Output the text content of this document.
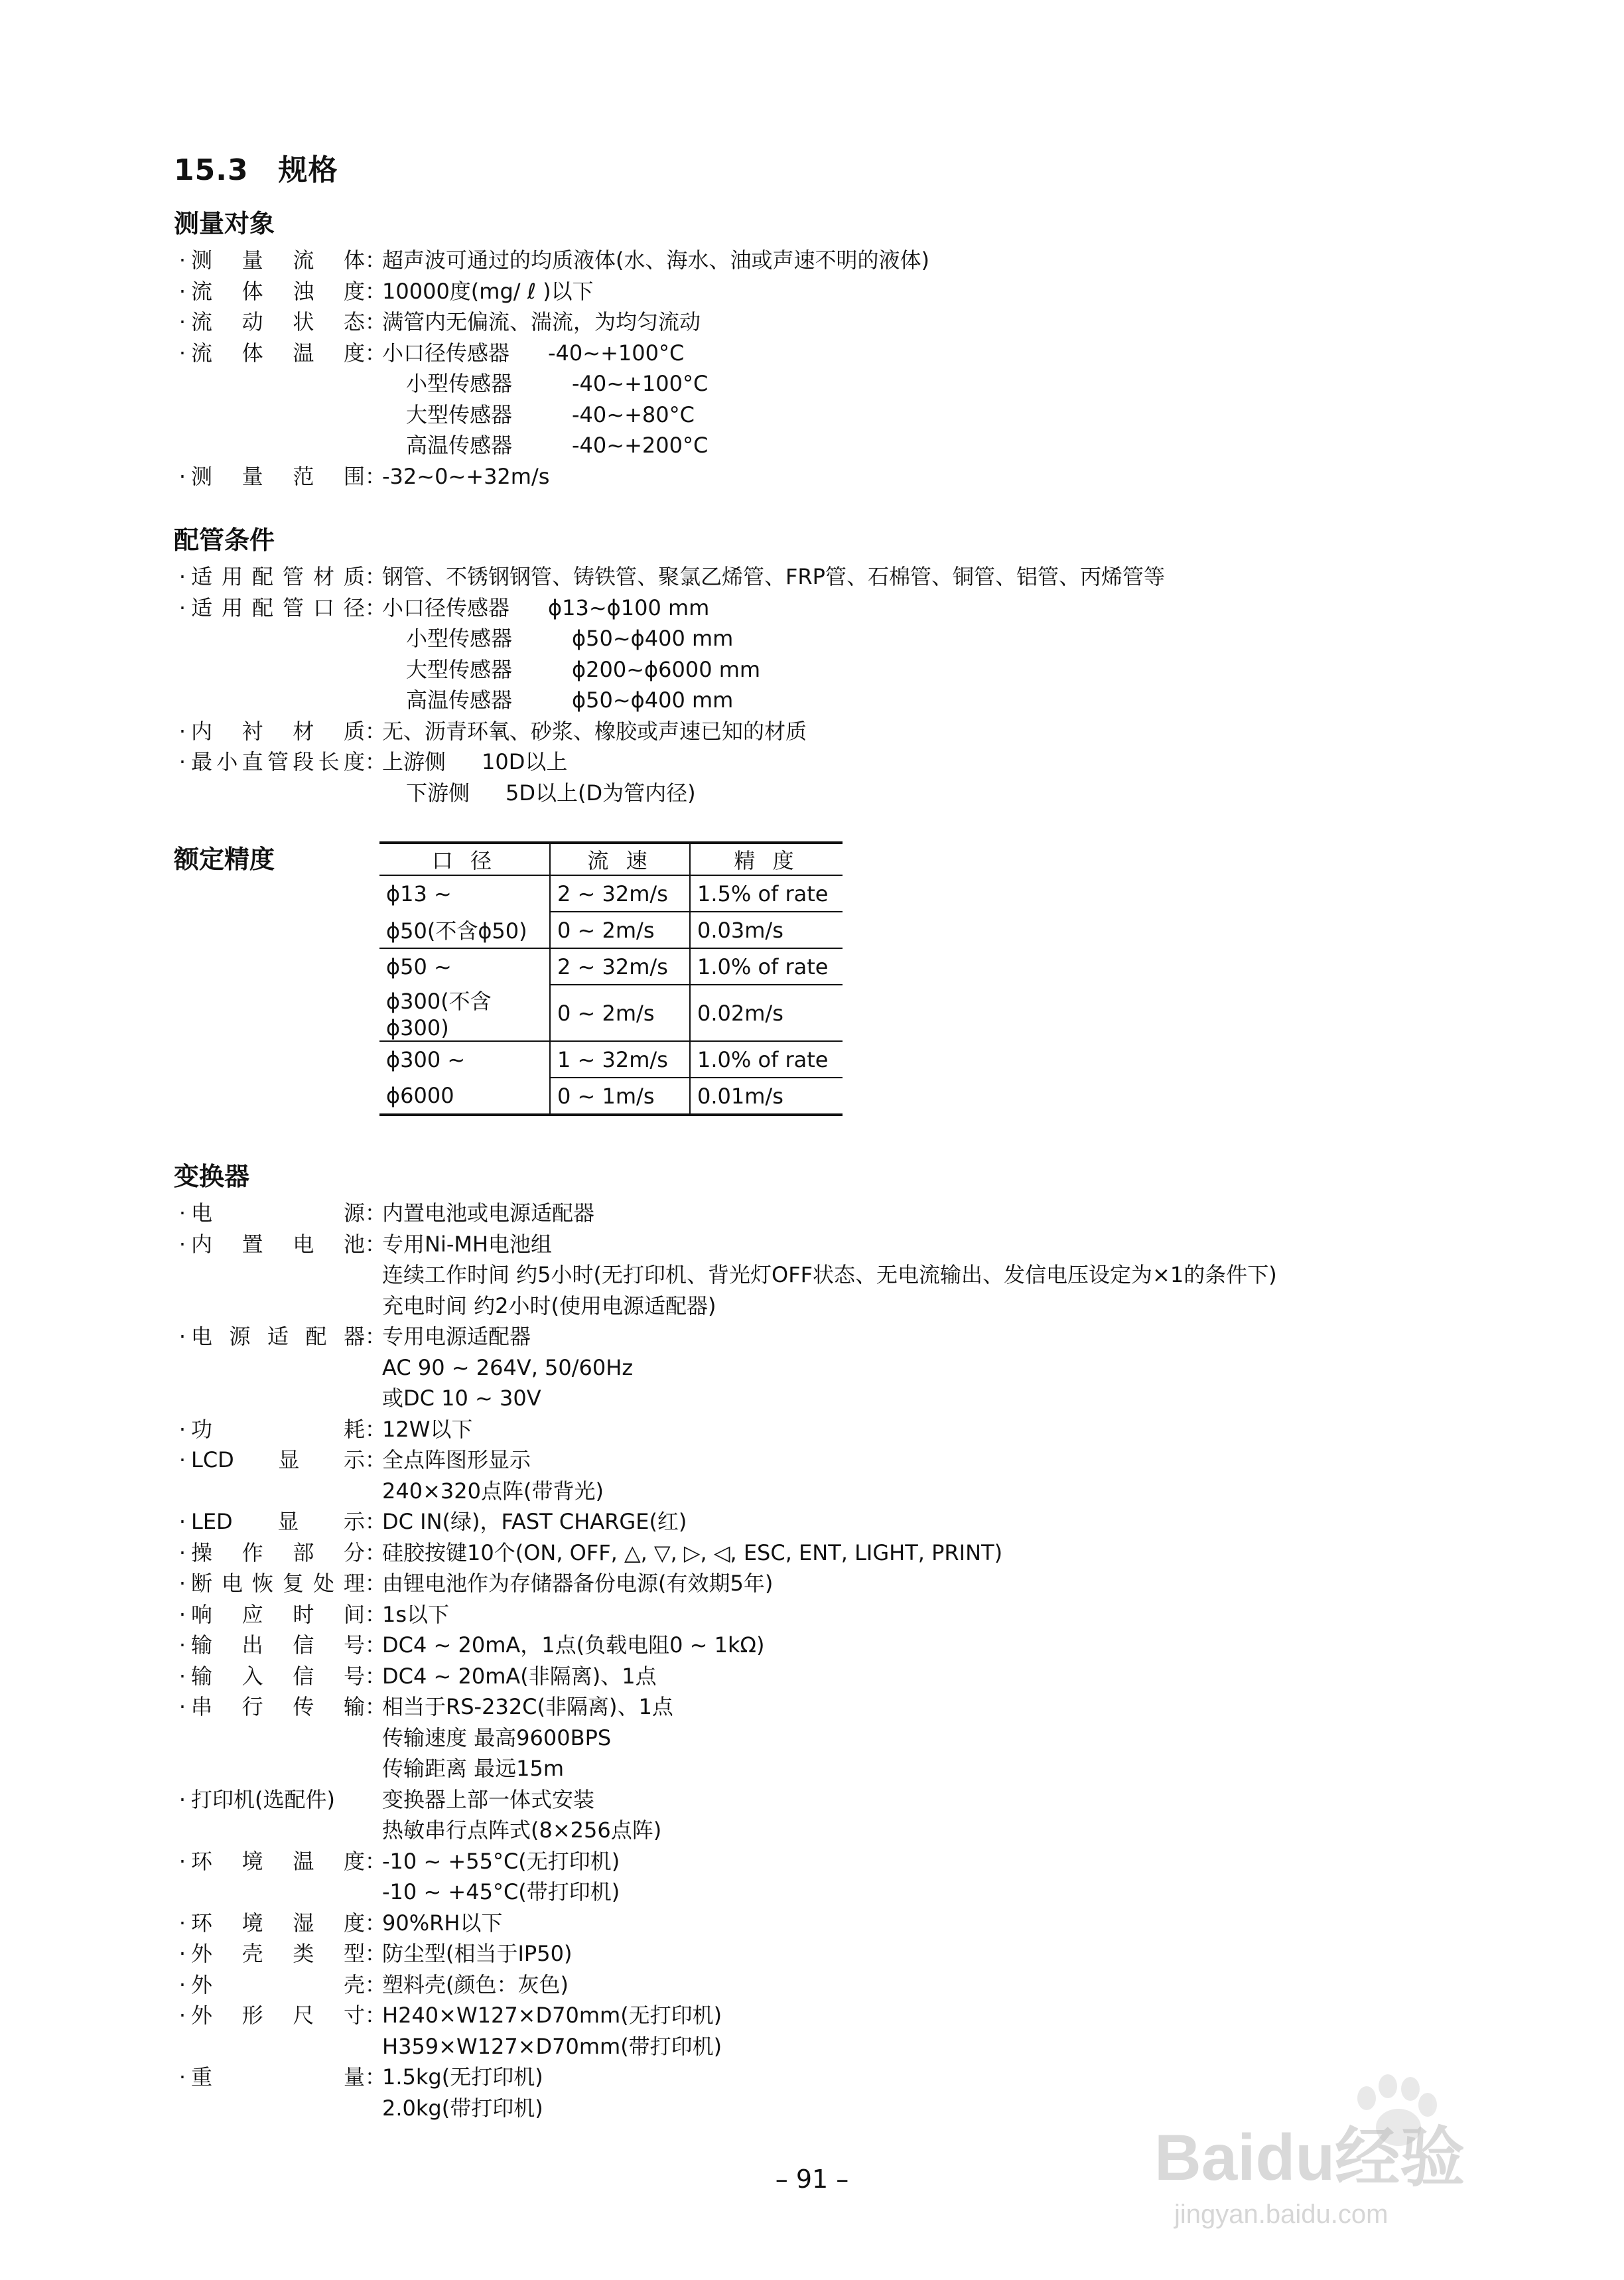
15.3　规格
测量对象
· 测 量 流 体 ：
超声波可通过的均质液体(水、海水、油或声速不明的液体)
· 流 体 浊 度 ：
10000度(mg/ ℓ )以下
· 流 动 状 态 ：
满管内无偏流、湍流，为均匀流动
· 流 体 温 度 ：
小口径传感器 -40~+100°C
小型传感器	-40~+100°C
大型传感器	-40~+80°C
高温传感器	-40~+200°C
· 测 量 范 围 ：
-32~0~+32m/s
配管条件
· 适 用 配 管 材 质 ：
钢管、不锈钢钢管、铸铁管、聚氯乙烯管、FRP管、石棉管、铜管、铝管、丙烯管等
· 适 用 配 管 口 径 ：
小口径传感器 ϕ13~ϕ100 mm
小型传感器	ϕ50~ϕ400 mm
大型传感器	ϕ200~ϕ6000 mm
高温传感器	ϕ50~ϕ400 mm
· 内 衬 材 质 ：
无、沥青环氧、砂浆、橡胶或声速已知的材质
· 最 小 直 管 段 长 度 ：
上游侧 10D以上
下游侧 5D以上(D为管内径)
额定精度	口 径	流 速	精 度
ϕ13 ~	2 ~ 32m/s	1.5% of rate
ϕ50(不含ϕ50)	0 ~ 2m/s	0.03m/s
ϕ50 ~	2 ~ 32m/s	1.0% of rate
ϕ300(不含ϕ300)	0 ~ 2m/s	0.02m/s
ϕ300 ~	1 ~ 32m/s	1.0% of rate
ϕ6000	0 ~ 1m/s	0.01m/s
变换器
· 电	源 ：
内置电池或电源适配器
· 内 置 电 池 ：
专用Ni-MH电池组
连续工作时间 约5小时(无打印机、背光灯OFF状态、无电流输出、发信电压设定为×1的条件下)
充电时间 约2小时(使用电源适配器)
· 电 源 适 配 器 ：
专用电源适配器
AC 90 ~ 264V, 50/60Hz
或DC 10 ~ 30V
· 功	耗 ：
12W以下
· LCD 显 示 ：
全点阵图形显示
240×320点阵(带背光)
· LED 显 示 ：
DC IN(绿)，FAST CHARGE(红)
· 操 作 部 分 ：
硅胶按键10个(ON, OFF, △, ▽, ▷, ◁, ESC, ENT, LIGHT, PRINT)
· 断 电 恢 复 处 理 ：
由锂电池作为存储器备份电源(有效期5年)
· 响 应 时 间 ：
1s以下
· 输 出 信 号 ：
DC4 ~ 20mA，1点(负载电阻0 ~ 1kΩ)
· 输 入 信 号 ：
DC4 ~ 20mA(非隔离)、1点
· 串 行 传 输 ：
相当于RS-232C(非隔离)、1点
传输速度 最高9600BPS
传输距离 最远15m
· 打印机(选配件) 变换器上部一体式安装
热敏串行点阵式(8×256点阵)
· 环 境 温 度 ：
-10 ~ +55°C(无打印机)
-10 ~ +45°C(带打印机)
· 环 境 湿 度 ：
90%RH以下
· 外 壳 类 型 ：
防尘型(相当于IP50)
· 外	壳 ：
塑料壳(颜色：灰色)
· 外 形 尺 寸 ：
H240×W127×D70mm(无打印机)
H359×W127×D70mm(带打印机)
· 重	量 ：
1.5kg(无打印机)
2.0kg(带打印机)
– 91 –	Baidu经验
jingyan.baidu.com
